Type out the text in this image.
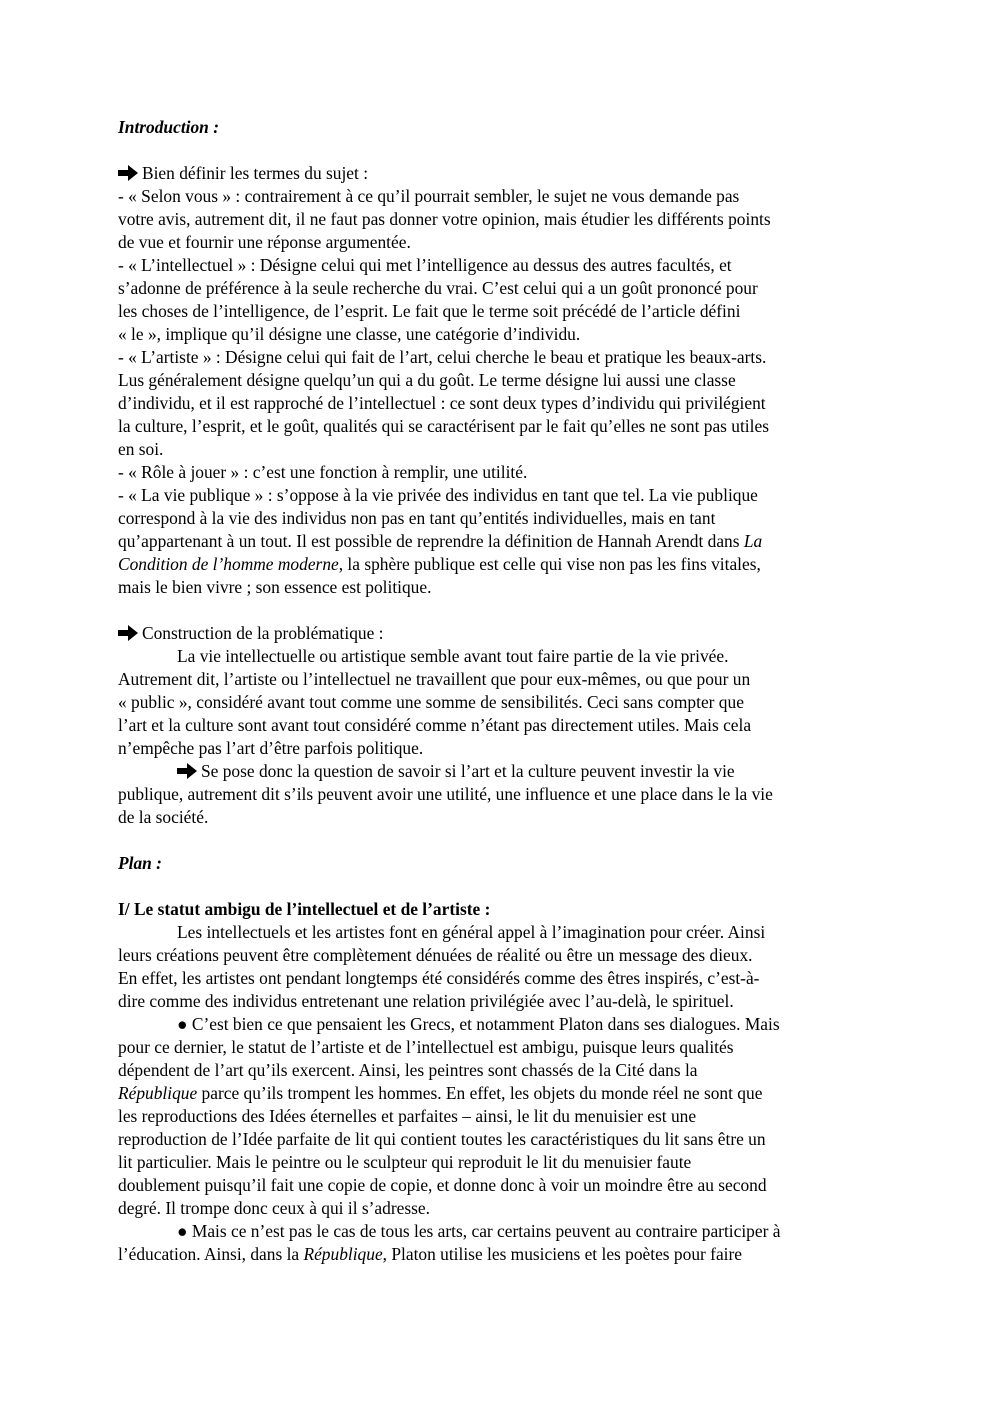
Introduction :
Bien définir les termes du sujet :
- « Selon vous » : contrairement à ce qu’il pourrait sembler, le sujet ne vous demande pas
votre avis, autrement dit, il ne faut pas donner votre opinion, mais étudier les différents points
de vue et fournir une réponse argumentée.
- « L’intellectuel » : Désigne celui qui met l’intelligence au dessus des autres facultés, et
s’adonne de préférence à la seule recherche du vrai. C’est celui qui a un goût prononcé pour
les choses de l’intelligence, de l’esprit. Le fait que le terme soit précédé de l’article défini
« le », implique qu’il désigne une classe, une catégorie d’individu.
- « L’artiste » : Désigne celui qui fait de l’art, celui cherche le beau et pratique les beaux-arts.
Lus généralement désigne quelqu’un qui a du goût. Le terme désigne lui aussi une classe
d’individu, et il est rapproché de l’intellectuel : ce sont deux types d’individu qui privilégient
la culture, l’esprit, et le goût, qualités qui se caractérisent par le fait qu’elles ne sont pas utiles
en soi.
- « Rôle à jouer » : c’est une fonction à remplir, une utilité.
- « La vie publique » : s’oppose à la vie privée des individus en tant que tel. La vie publique
correspond à la vie des individus non pas en tant qu’entités individuelles, mais en tant
qu’appartenant à un tout. Il est possible de reprendre la définition de Hannah Arendt dans La
Condition de l’homme moderne, la sphère publique est celle qui vise non pas les fins vitales,
mais le bien vivre ; son essence est politique.
Construction de la problématique :
La vie intellectuelle ou artistique semble avant tout faire partie de la vie privée.
Autrement dit, l’artiste ou l’intellectuel ne travaillent que pour eux-mêmes, ou que pour un
« public », considéré avant tout comme une somme de sensibilités. Ceci sans compter que
l’art et la culture sont avant tout considéré comme n’étant pas directement utiles. Mais cela
n’empêche pas l’art d’être parfois politique.
Se pose donc la question de savoir si l’art et la culture peuvent investir la vie
publique, autrement dit s’ils peuvent avoir une utilité, une influence et une place dans le la vie
de la société.
Plan :
I/ Le statut ambigu de l’intellectuel et de l’artiste :
Les intellectuels et les artistes font en général appel à l’imagination pour créer. Ainsi
leurs créations peuvent être complètement dénuées de réalité ou être un message des dieux.
En effet, les artistes ont pendant longtemps été considérés comme des êtres inspirés, c’est-à-
dire comme des individus entretenant une relation privilégiée avec l’au-delà, le spirituel.
● C’est bien ce que pensaient les Grecs, et notamment Platon dans ses dialogues. Mais
pour ce dernier, le statut de l’artiste et de l’intellectuel est ambigu, puisque leurs qualités
dépendent de l’art qu’ils exercent. Ainsi, les peintres sont chassés de la Cité dans la
République parce qu’ils trompent les hommes. En effet, les objets du monde réel ne sont que
les reproductions des Idées éternelles et parfaites – ainsi, le lit du menuisier est une
reproduction de l’Idée parfaite de lit qui contient toutes les caractéristiques du lit sans être un
lit particulier. Mais le peintre ou le sculpteur qui reproduit le lit du menuisier faute
doublement puisqu’il fait une copie de copie, et donne donc à voir un moindre être au second
degré. Il trompe donc ceux à qui il s’adresse.
● Mais ce n’est pas le cas de tous les arts, car certains peuvent au contraire participer à
l’éducation. Ainsi, dans la République, Platon utilise les musiciens et les poètes pour faire
